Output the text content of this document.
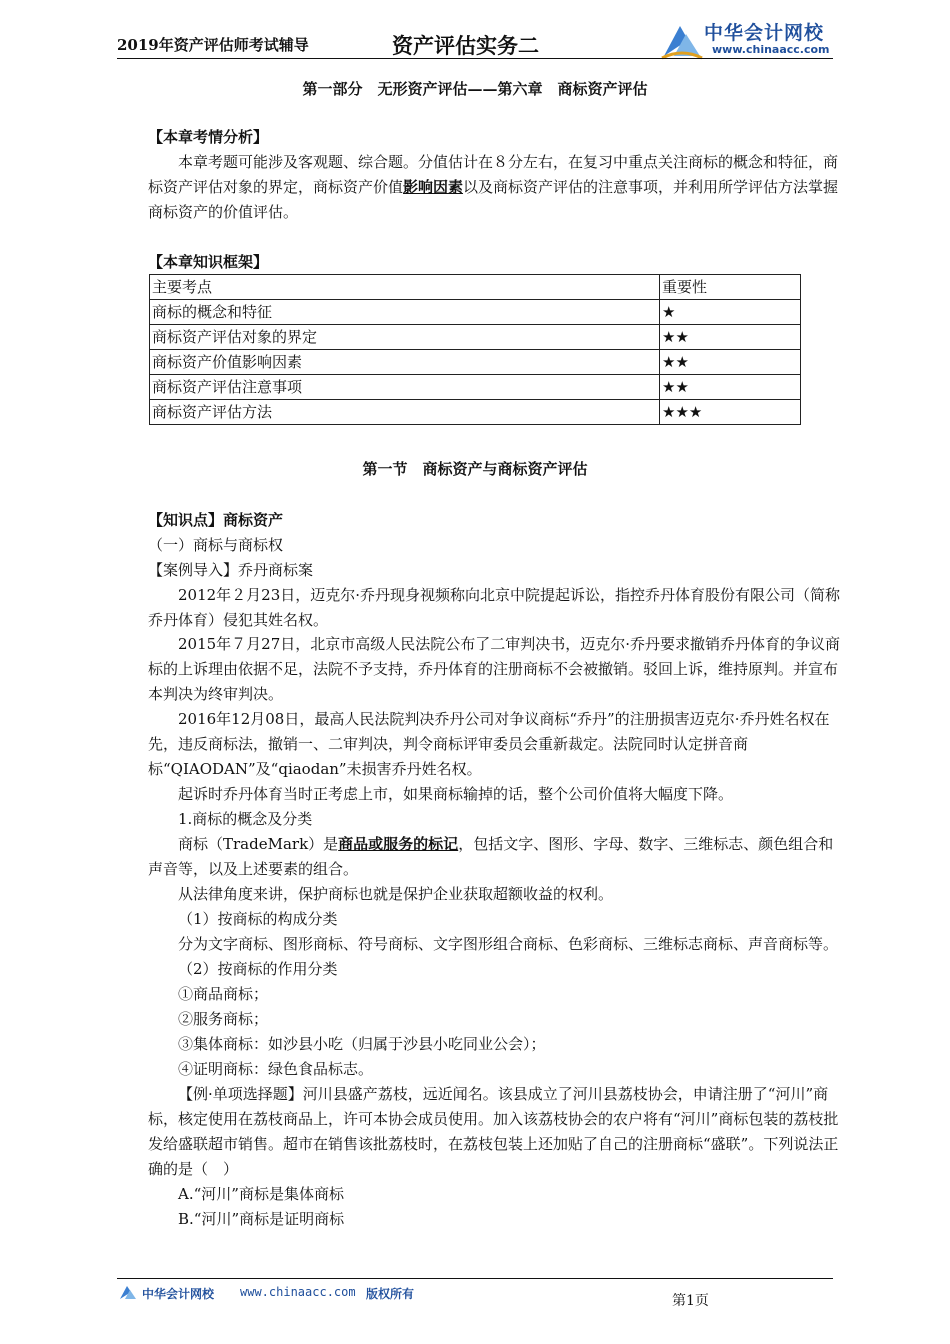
2019年资产评估师考试辅导	资产评估实务二	中华会计网校
www.chinaacc.com
第一部分　无形资产评估——第六章　商标资产评估
【本章考情分析】
本章考题可能涉及客观题、综合题。分值估计在８分左右，在复习中重点关注商标的概念和特征，商标资产评估对象的界定，商标资产价值影响因素以及商标资产评估的注意事项，并利用所学评估方法掌握商标资产的价值评估。
【本章知识框架】
主要考点	重要性
商标的概念和特征	★
商标资产评估对象的界定	★★
商标资产价值影响因素	★★
商标资产评估注意事项	★★
商标资产评估方法	★★★
第一节　商标资产与商标资产评估
【知识点】商标资产
（一）商标与商标权
【案例导入】乔丹商标案
2012年２月23日，迈克尔·乔丹现身视频称向北京中院提起诉讼，指控乔丹体育股份有限公司（简称乔丹体育）侵犯其姓名权。
2015年７月27日，北京市高级人民法院公布了二审判决书，迈克尔·乔丹要求撤销乔丹体育的争议商标的上诉理由依据不足，法院不予支持，乔丹体育的注册商标不会被撤销。驳回上诉，维持原判。并宣布本判决为终审判决。
2016年12月08日，最高人民法院判决乔丹公司对争议商标“乔丹”的注册损害迈克尔·乔丹姓名权在先，违反商标法，撤销一、二审判决，判令商标评审委员会重新裁定。法院同时认定拼音商标“QIAODAN”及“qiaodan”未损害乔丹姓名权。
起诉时乔丹体育当时正考虑上市，如果商标输掉的话，整个公司价值将大幅度下降。
1.商标的概念及分类
商标（TradeMark）是商品或服务的标记，包括文字、图形、字母、数字、三维标志、颜色组合和声音等，以及上述要素的组合。
从法律角度来讲，保护商标也就是保护企业获取超额收益的权利。
（1）按商标的构成分类
分为文字商标、图形商标、符号商标、文字图形组合商标、色彩商标、三维标志商标、声音商标等。
（2）按商标的作用分类
①商品商标；
②服务商标；
③集体商标：如沙县小吃（归属于沙县小吃同业公会）；
④证明商标：绿色食品标志。
【例·单项选择题】河川县盛产荔枝，远近闻名。该县成立了河川县荔枝协会，申请注册了“河川”商标，核定使用在荔枝商品上，许可本协会成员使用。加入该荔枝协会的农户将有“河川”商标包装的荔枝批发给盛联超市销售。超市在销售该批荔枝时，在荔枝包装上还加贴了自己的注册商标“盛联”。下列说法正确的是（　）
A.“河川”商标是集体商标
B.“河川”商标是证明商标
中华会计网校 www.chinaacc.com 版权所有	第1页
